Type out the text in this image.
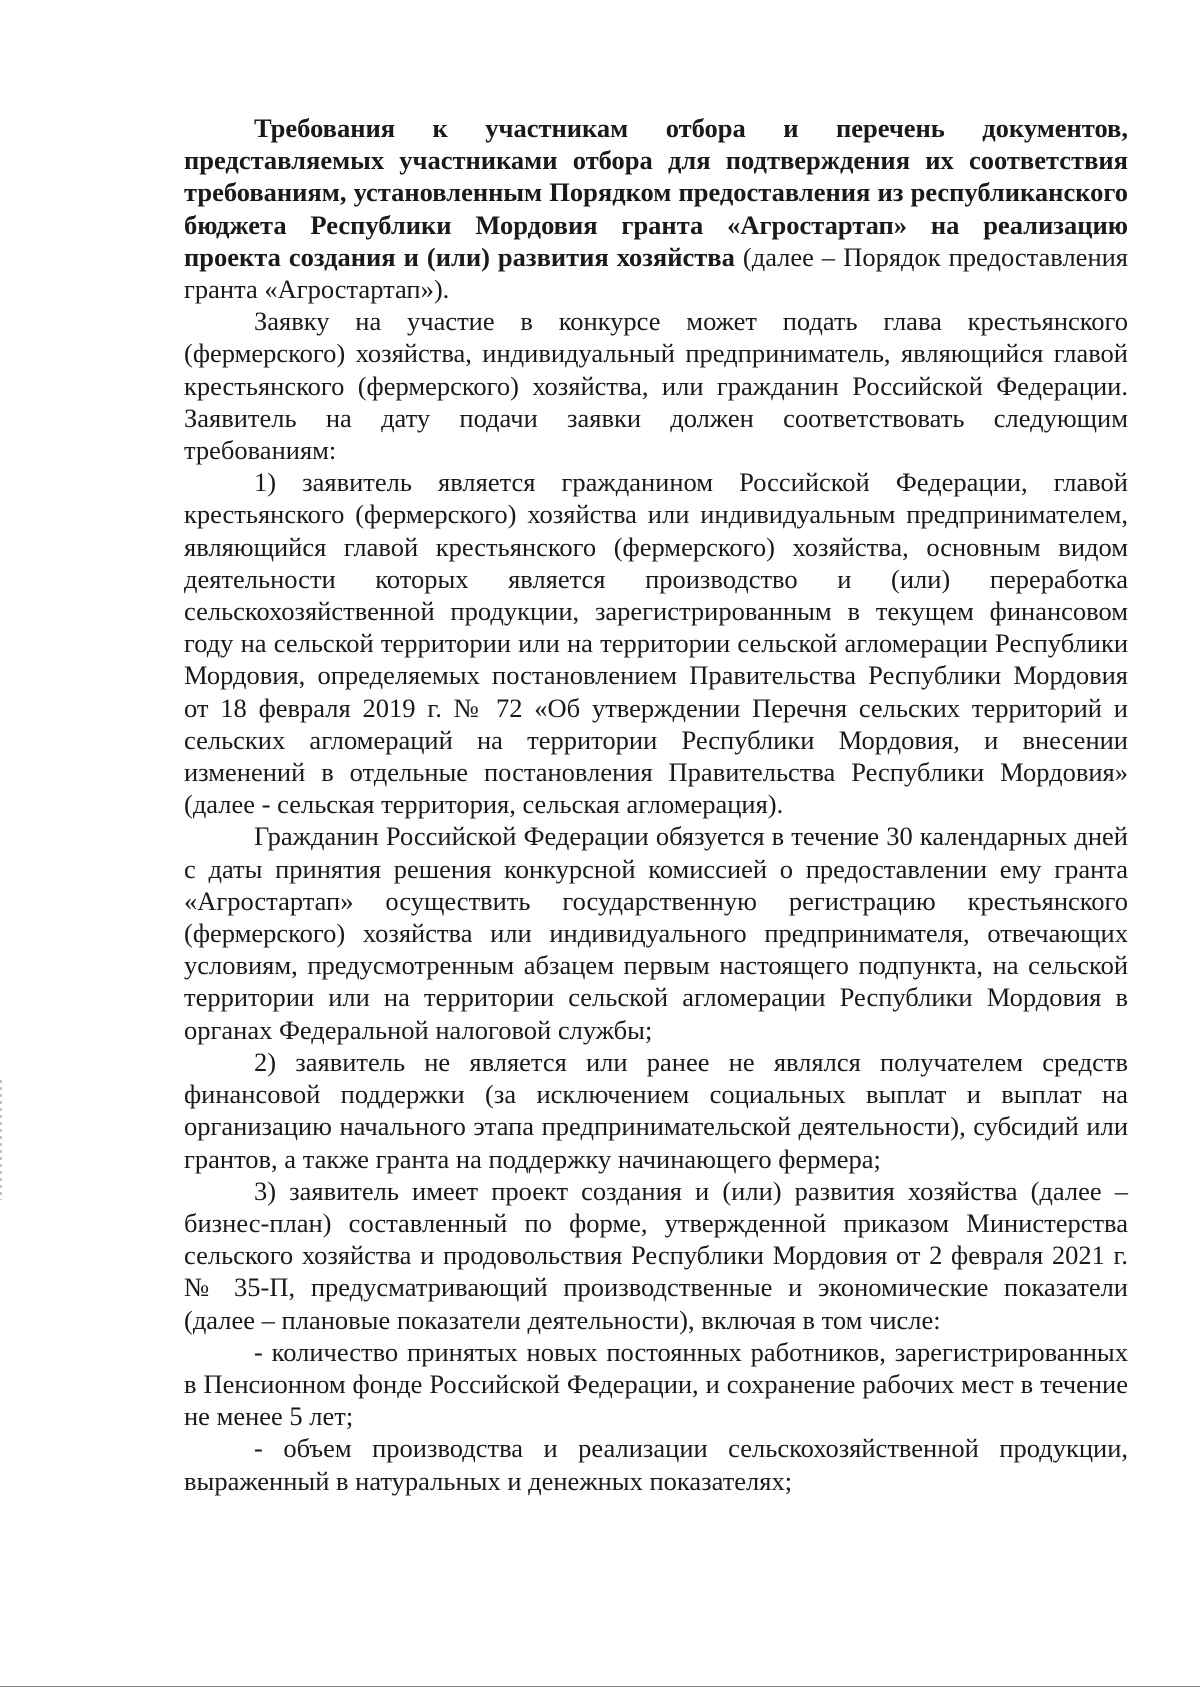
Требования к участникам отбора и перечень документов, представляемых участниками отбора для подтверждения их соответствия требованиям, установленным Порядком предоставления из республиканского бюджета Республики Мордовия гранта «Агростартап» на реализацию проекта создания и (или) развития хозяйства (далее – Порядок предоставления гранта «Агростартап»).

Заявку на участие в конкурсе может подать глава крестьянского (фермерского) хозяйства, индивидуальный предприниматель, являющийся главой крестьянского (фермерского) хозяйства, или гражданин Российской Федерации. Заявитель на дату подачи заявки должен соответствовать следующим требованиям:

1) заявитель является гражданином Российской Федерации, главой крестьянского (фермерского) хозяйства или индивидуальным предпринимателем, являющийся главой крестьянского (фермерского) хозяйства, основным видом деятельности которых является производство и (или) переработка сельскохозяйственной продукции, зарегистрированным в текущем финансовом году на сельской территории или на территории сельской агломерации Республики Мордовия, определяемых постановлением Правительства Республики Мордовия от 18 февраля 2019 г. № 72 «Об утверждении Перечня сельских территорий и сельских агломераций на территории Республики Мордовия, и внесении изменений в отдельные постановления Правительства Республики Мордовия» (далее - сельская территория, сельская агломерация).

Гражданин Российской Федерации обязуется в течение 30 календарных дней с даты принятия решения конкурсной комиссией о предоставлении ему гранта «Агростартап» осуществить государственную регистрацию крестьянского (фермерского) хозяйства или индивидуального предпринимателя, отвечающих условиям, предусмотренным абзацем первым настоящего подпункта, на сельской территории или на территории сельской агломерации Республики Мордовия в органах Федеральной налоговой службы;

2) заявитель не является или ранее не являлся получателем средств финансовой поддержки (за исключением социальных выплат и выплат на организацию начального этапа предпринимательской деятельности), субсидий или грантов, а также гранта на поддержку начинающего фермера;

3) заявитель имеет проект создания и (или) развития хозяйства (далее – бизнес-план) составленный по форме, утвержденной приказом Министерства сельского хозяйства и продовольствия Республики Мордовия от 2 февраля 2021 г. № 35-П, предусматривающий производственные и экономические показатели (далее – плановые показатели деятельности), включая в том числе:

- количество принятых новых постоянных работников, зарегистрированных в Пенсионном фонде Российской Федерации, и сохранение рабочих мест в течение не менее 5 лет;

- объем производства и реализации сельскохозяйственной продукции, выраженный в натуральных и денежных показателях;
